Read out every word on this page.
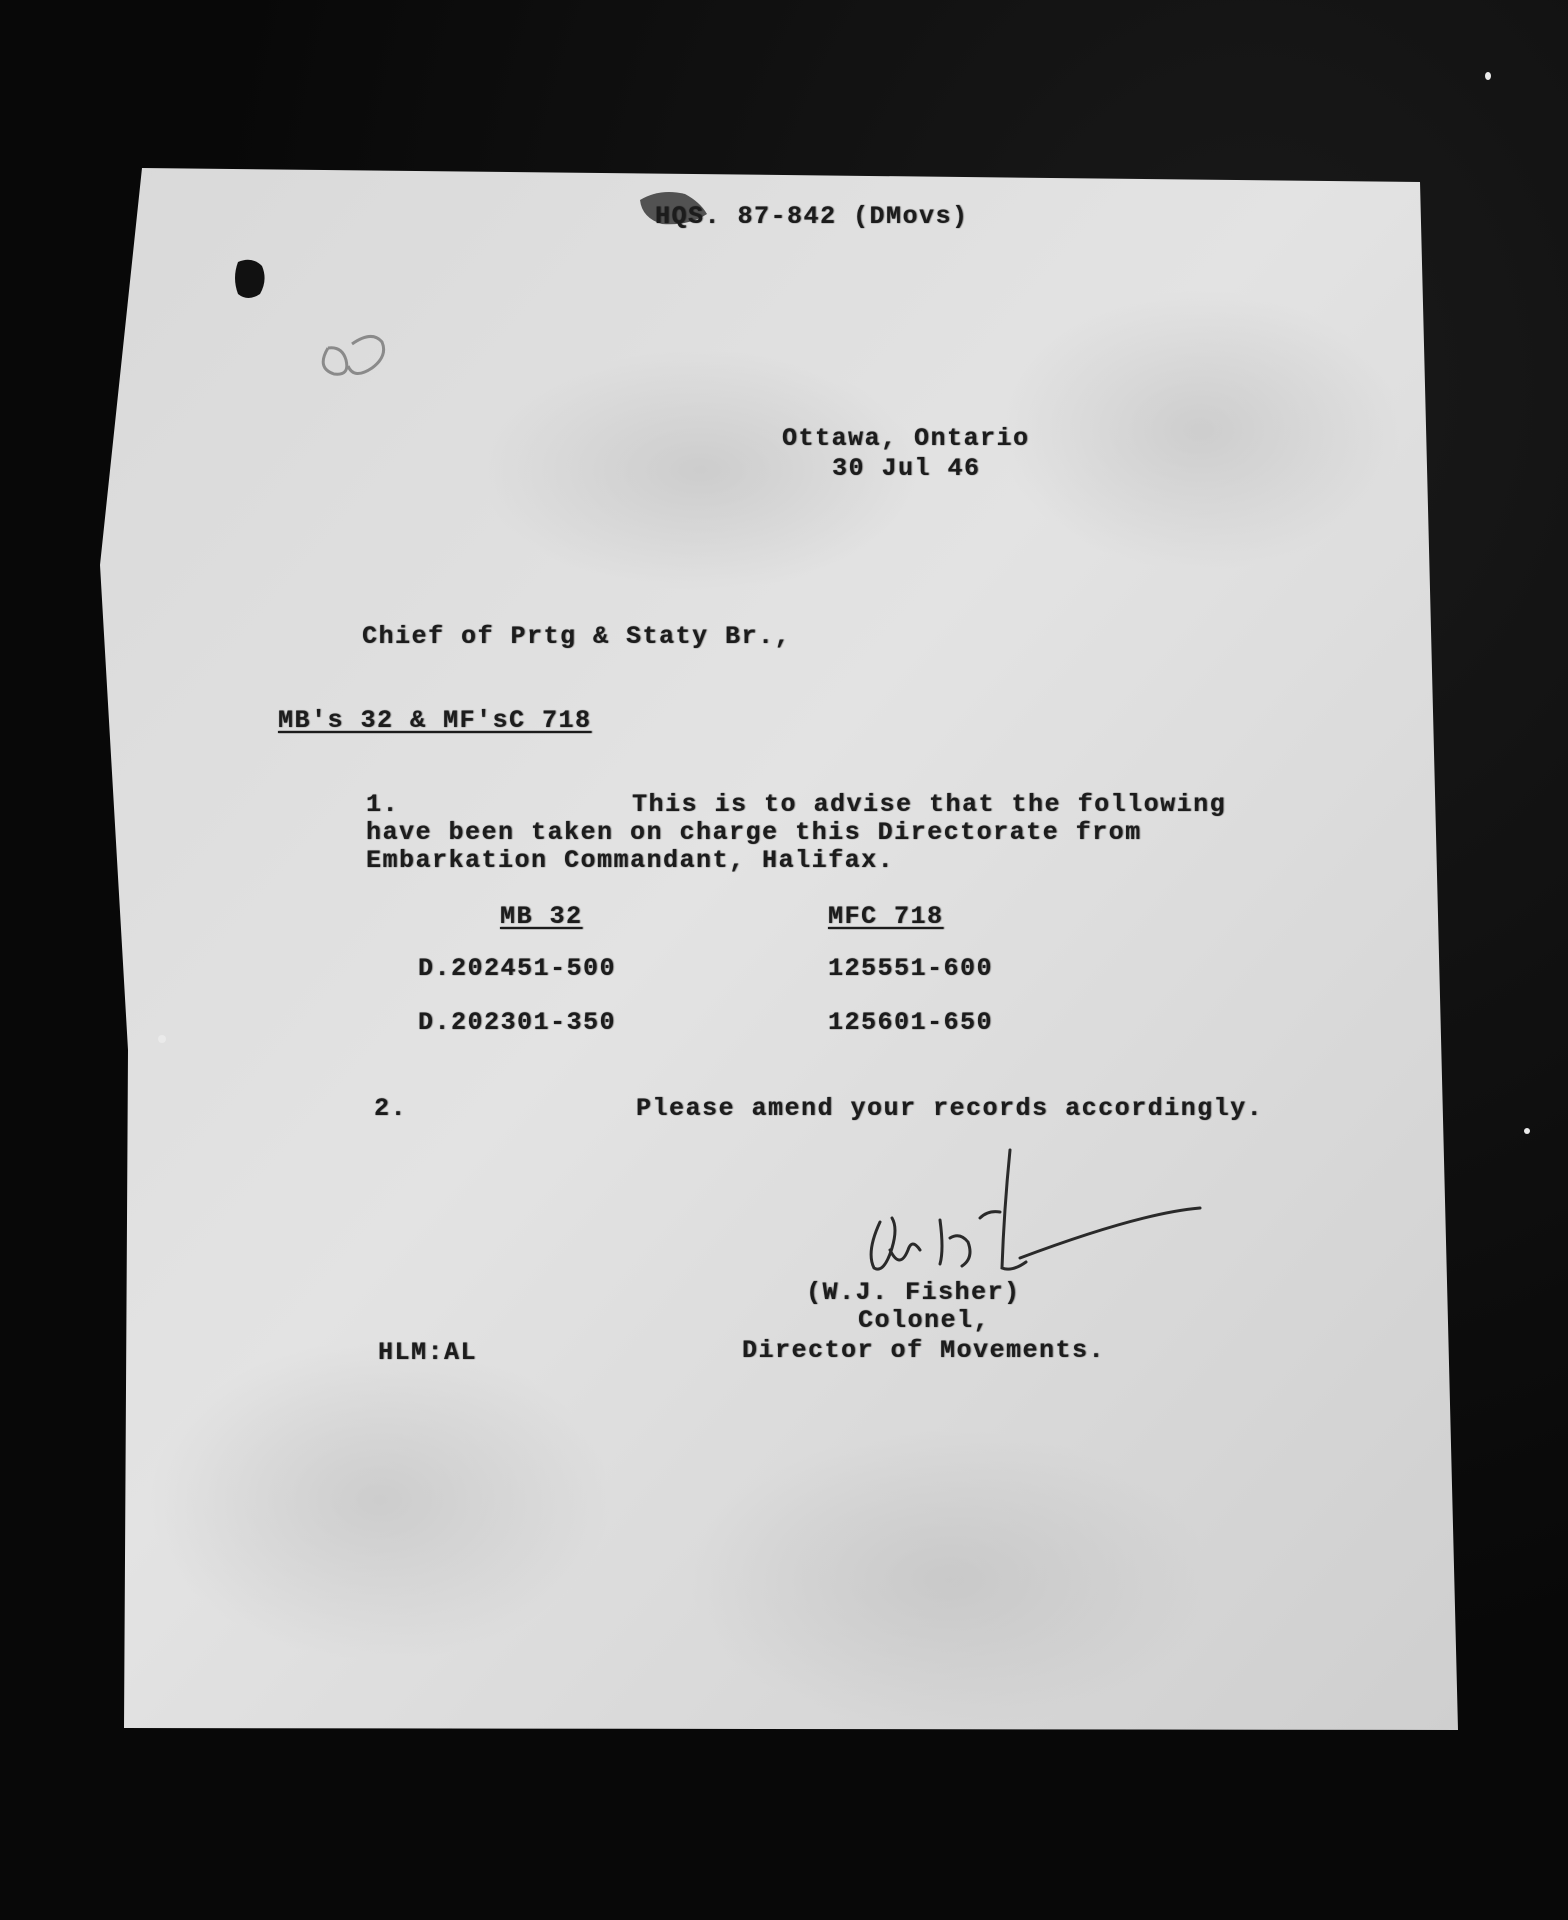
HQS. 87-842 (DMovs)
Ottawa, Ontario
30 Jul 46
Chief of Prtg & Staty Br.,
MB's 32 & MF'sC 718
1.	This is to advise that the following
have been taken on charge this Directorate from
Embarkation Commandant, Halifax.
MB 32	MFC 718
D.202451-500	125551-600
D.202301-350	125601-650
2.	Please amend your records accordingly.
(W.J. Fisher)
Colonel,
Director of Movements.
HLM:AL
